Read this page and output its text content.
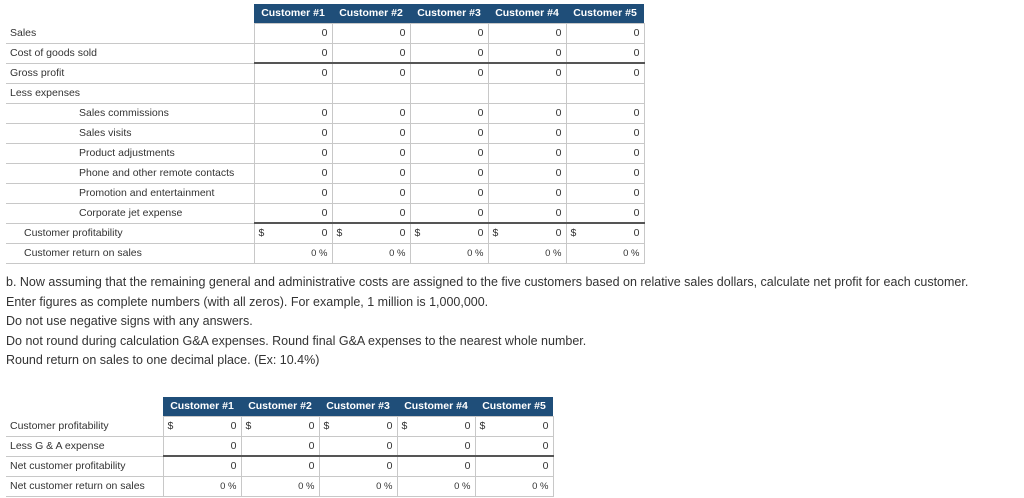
	Customer #1	Customer #2	Customer #3	Customer #4	Customer #5
Sales	0	0	0	0	0
Cost of goods sold	0	0	0	0	0
Gross profit	0	0	0	0	0
Less expenses					
Sales commissions	0	0	0	0	0
Sales visits	0	0	0	0	0
Product adjustments	0	0	0	0	0
Phone and other remote contacts	0	0	0	0	0
Promotion and entertainment	0	0	0	0	0
Corporate jet expense	0	0	0	0	0
Customer profitability	$ 0	$ 0	$ 0	$ 0	$ 0
Customer return on sales	0 %	0 %	0 %	0 %	0 %

b. Now assuming that the remaining general and administrative costs are assigned to the five customers based on relative sales dollars, calculate net profit for each customer.

Enter figures as complete numbers (with all zeros). For example, 1 million is 1,000,000.

Do not use negative signs with any answers.

Do not round during calculation G&A expenses. Round final G&A expenses to the nearest whole number.

Round return on sales to one decimal place. (Ex: 10.4%)

	Customer #1	Customer #2	Customer #3	Customer #4	Customer #5
Customer profitability	$ 0	$ 0	$ 0	$ 0	$ 0
Less G & A expense	0	0	0	0	0
Net customer profitability	0	0	0	0	0
Net customer return on sales	0 %	0 %	0 %	0 %	0 %
